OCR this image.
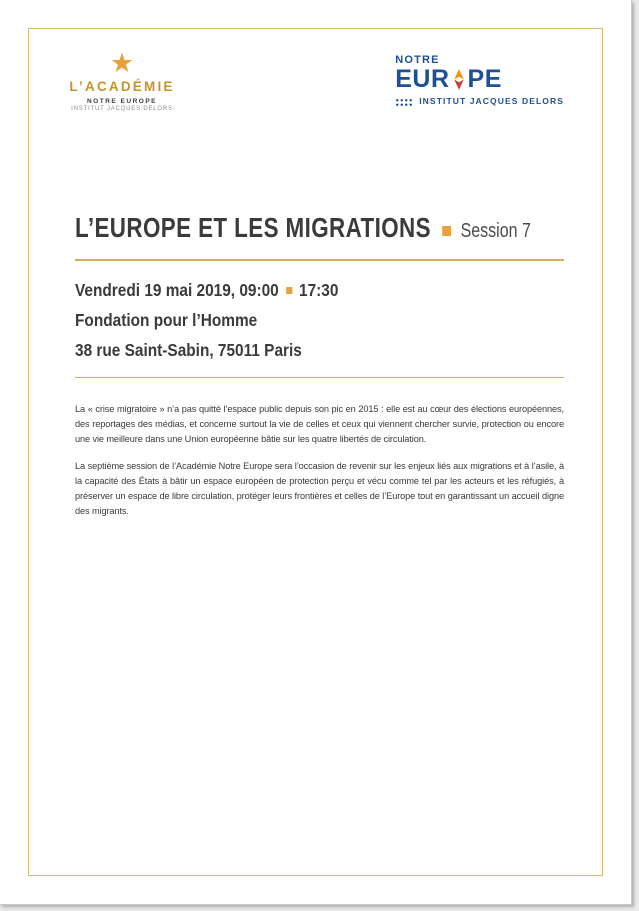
★
L’ACADÉMIE
NOTRE EUROPE
INSTITUT JACQUES DELORS
NOTRE
EUR PE
INSTITUT JACQUES DELORS
L’EUROPE ET LES MIGRATIONS Session 7
Vendredi 19 mai 2019, 09:00 17:30
Fondation pour l’Homme
38 rue Saint-Sabin, 75011 Paris

La « crise migratoire » n’a pas quitté l’espace public depuis son pic en 2015 : elle est au cœur des élections européennes, des reportages des médias, et concerne surtout la vie de celles et ceux qui viennent chercher survie, protection ou encore une vie meilleure dans une Union européenne bâtie sur les quatre libertés de circulation.

La septième session de l’Académie Notre Europe sera l’occasion de revenir sur les enjeux liés aux migrations et à l’asile, à la capacité des États à bâtir un espace européen de protection perçu et vécu comme tel par les acteurs et les réfugiés, à préserver un espace de libre circulation, protéger leurs frontières et celles de l’Europe tout en garantissant un accueil digne des migrants.
